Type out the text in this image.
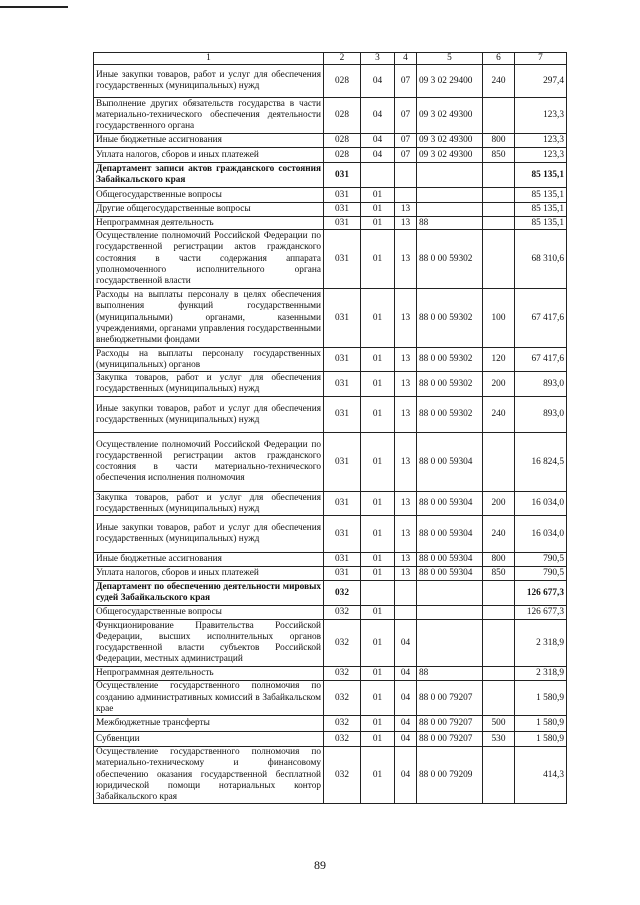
1	2	3	4	5	6	7
Иные закупки товаров, работ и услуг для обеспечения государственных (муниципальных) нужд	028	04	07	09 3 02 29400	240	297,4
Выполнение других обязательств государства в части материально-технического обеспечения деятельности государственного органа	028	04	07	09 3 02 49300		123,3
Иные бюджетные ассигнования	028	04	07	09 3 02 49300	800	123,3
Уплата налогов, сборов и иных платежей	028	04	07	09 3 02 49300	850	123,3
Департамент записи актов гражданского состояния Забайкальского края	031					85 135,1
Общегосударственные вопросы	031	01				85 135,1
Другие общегосударственные вопросы	031	01	13			85 135,1
Непрограммная деятельность	031	01	13	88		85 135,1
Осуществление полномочий Российской Федерации по государственной регистрации актов гражданского состояния в части содержания аппарата уполномоченного исполнительного органа государственной власти	031	01	13	88 0 00 59302		68 310,6
Расходы на выплаты персоналу в целях обеспечения выполнения функций государственными (муниципальными) органами, казенными учреждениями, органами управления государственными внебюджетными фондами	031	01	13	88 0 00 59302	100	67 417,6
Расходы на выплаты персоналу государственных (муниципальных) органов	031	01	13	88 0 00 59302	120	67 417,6
Закупка товаров, работ и услуг для обеспечения государственных (муниципальных) нужд	031	01	13	88 0 00 59302	200	893,0
Иные закупки товаров, работ и услуг для обеспечения государственных (муниципальных) нужд	031	01	13	88 0 00 59302	240	893,0
Осуществление полномочий Российской Федерации по государственной регистрации актов гражданского состояния в части материально-технического обеспечения исполнения полномочия	031	01	13	88 0 00 59304		16 824,5
Закупка товаров, работ и услуг для обеспечения государственных (муниципальных) нужд	031	01	13	88 0 00 59304	200	16 034,0
Иные закупки товаров, работ и услуг для обеспечения государственных (муниципальных) нужд	031	01	13	88 0 00 59304	240	16 034,0
Иные бюджетные ассигнования	031	01	13	88 0 00 59304	800	790,5
Уплата налогов, сборов и иных платежей	031	01	13	88 0 00 59304	850	790,5
Департамент по обеспечению деятельности мировых судей Забайкальского края	032					126 677,3
Общегосударственные вопросы	032	01				126 677,3
Функционирование Правительства Российской Федерации, высших исполнительных органов государственной власти субъектов Российской Федерации, местных администраций	032	01	04			2 318,9
Непрограммная деятельность	032	01	04	88		2 318,9
Осуществление государственного полномочия по созданию административных комиссий в Забайкальском крае	032	01	04	88 0 00 79207		1 580,9
Межбюджетные трансферты	032	01	04	88 0 00 79207	500	1 580,9
Субвенции	032	01	04	88 0 00 79207	530	1 580,9
Осуществление государственного полномочия по материально-техническому и финансовому обеспечению оказания государственной бесплатной юридической помощи нотариальных контор Забайкальского края	032	01	04	88 0 00 79209		414,3
89
